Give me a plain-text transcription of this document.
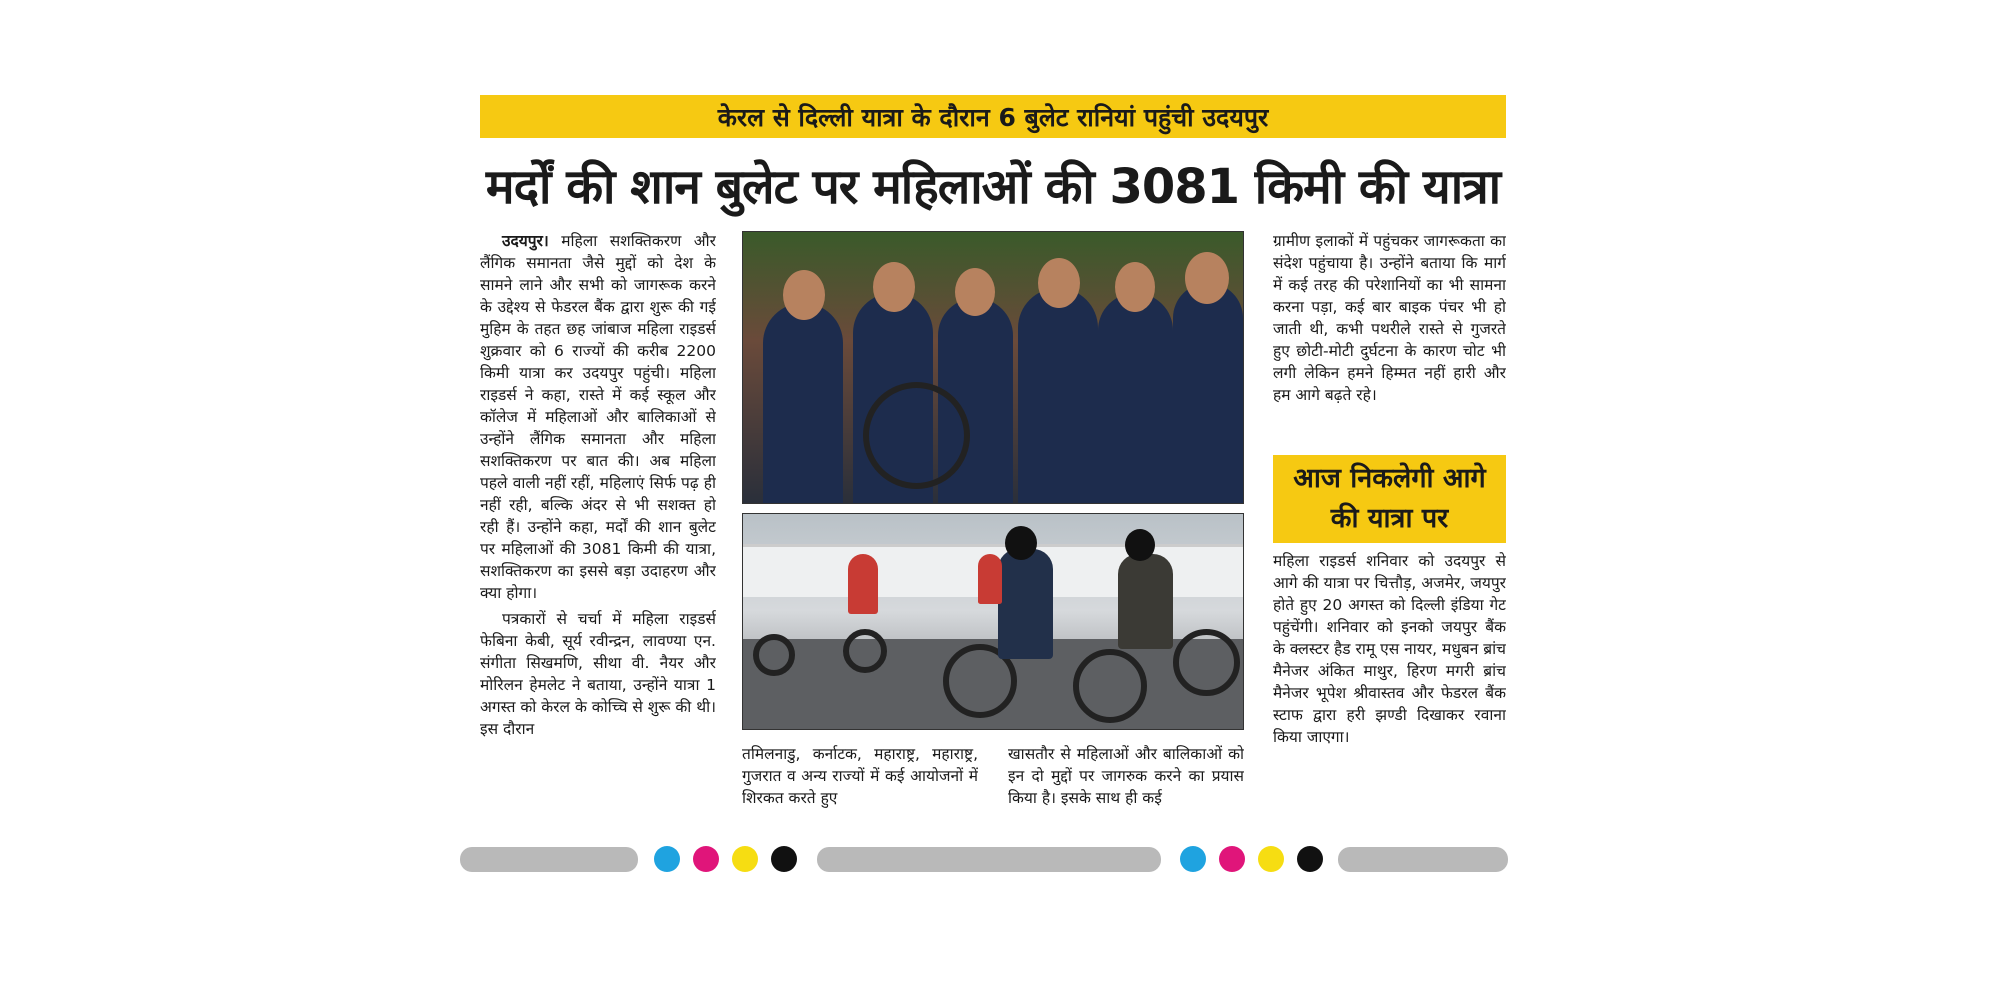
केरल से दिल्ली यात्रा के दौरान 6 बुलेट रानियां पहुंची उदयपुर
मर्दों की शान बुलेट पर महिलाओं की 3081 किमी की यात्रा

उदयपुर। महिला सशक्तिकरण और लैंगिक समानता जैसे मुद्दों को देश के सामने लाने और सभी को जागरूक करने के उद्देश्य से फेडरल बैंक द्वारा शुरू की गई मुहिम के तहत छह जांबाज महिला राइडर्स शुक्रवार को 6 राज्यों की करीब 2200 किमी यात्रा कर उदयपुर पहुंची। महिला राइडर्स ने कहा, रास्ते में कई स्कूल और कॉलेज में महिलाओं और बालिकाओं से उन्होंने लैंगिक समानता और महिला सशक्तिकरण पर बात की। अब महिला पहले वाली नहीं रहीं, महिलाएं सिर्फ पढ़ ही नहीं रही, बल्कि अंदर से भी सशक्त हो रही हैं। उन्होंने कहा, मर्दों की शान बुलेट पर महिलाओं की 3081 किमी की यात्रा, सशक्तिकरण का इससे बड़ा उदाहरण और क्या होगा।

पत्रकारों से चर्चा में महिला राइडर्स फेबिना केबी, सूर्य रवीन्द्रन, लावण्या एन. संगीता सिखमणि, सीथा वी. नैयर और मोरिलन हेमलेट ने बताया, उन्होंने यात्रा 1 अगस्त को केरल के कोच्चि से शुरू की थी। इस दौरान

तमिलनाडु, कर्नाटक, महाराष्ट्र, महाराष्ट्र, गुजरात व अन्य राज्यों में कई आयोजनों में शिरकत करते हुए

खासतौर से महिलाओं और बालिकाओं को इन दो मुद्दों पर जागरुक करने का प्रयास किया है। इसके साथ ही कई

ग्रामीण इलाकों में पहुंचकर जागरूकता का संदेश पहुंचाया है। उन्होंने बताया कि मार्ग में कई तरह की परेशानियों का भी सामना करना पड़ा, कई बार बाइक पंचर भी हो जाती थी, कभी पथरीले रास्ते से गुजरते हुए छोटी-मोटी दुर्घटना के कारण चोट भी लगी लेकिन हमने हिम्मत नहीं हारी और हम आगे बढ़ते रहे।

आज निकलेगी आगे
की यात्रा पर

महिला राइडर्स शनिवार को उदयपुर से आगे की यात्रा पर चित्तौड़, अजमेर, जयपुर होते हुए 20 अगस्त को दिल्ली इंडिया गेट पहुंचेंगी। शनिवार को इनको जयपुर बैंक के क्लस्टर हैड रामू एस नायर, मधुबन ब्रांच मैनेजर अंकित माथुर, हिरण मगरी ब्रांच मैनेजर भूपेश श्रीवास्तव और फेडरल बैंक स्टाफ द्वारा हरी झण्डी दिखाकर रवाना किया जाएगा।
